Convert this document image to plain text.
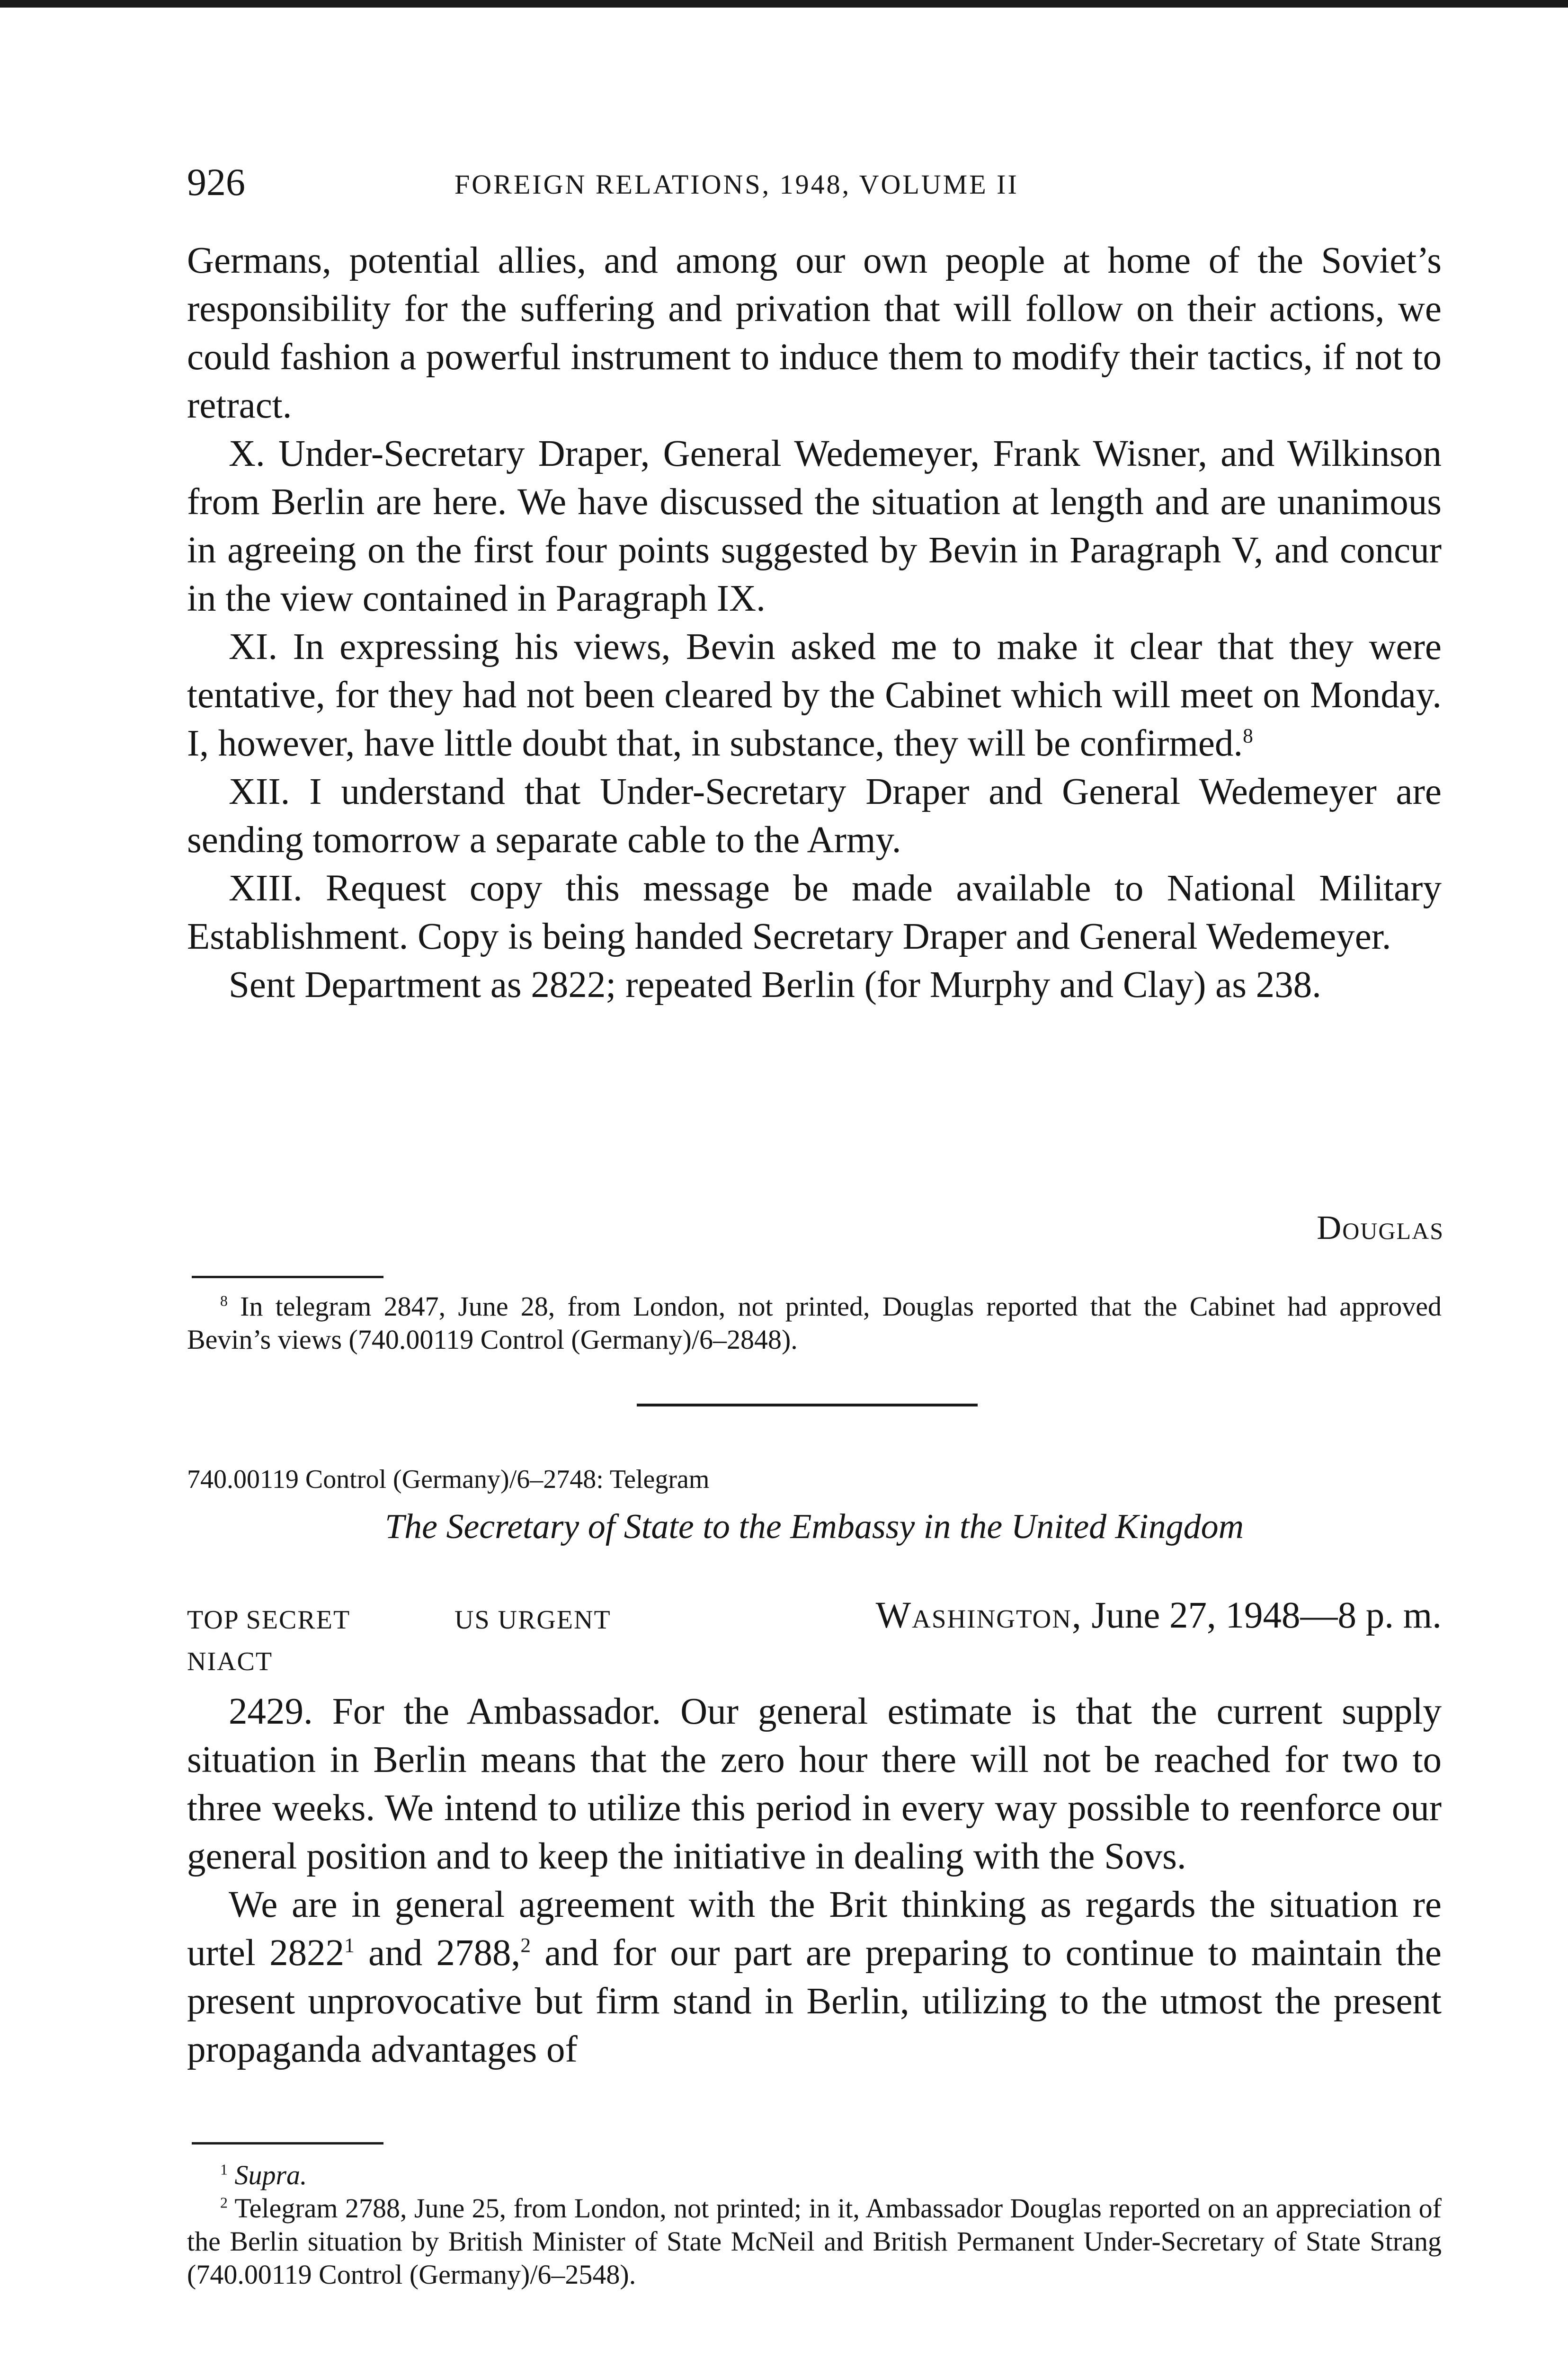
926	FOREIGN RELATIONS, 1948, VOLUME II

Germans, potential allies, and among our own people at home of the Soviet’s responsibility for the suffering and privation that will follow on their actions, we could fashion a powerful instrument to induce them to modify their tactics, if not to retract.

X. Under-Secretary Draper, General Wedemeyer, Frank Wisner, and Wilkinson from Berlin are here. We have discussed the situation at length and are unanimous in agreeing on the first four points suggested by Bevin in Paragraph V, and concur in the view contained in Paragraph IX.

XI. In expressing his views, Bevin asked me to make it clear that they were tentative, for they had not been cleared by the Cabinet which will meet on Monday. I, however, have little doubt that, in substance, they will be confirmed.$^8$

XII. I understand that Under-Secretary Draper and General Wedemeyer are sending tomorrow a separate cable to the Army.

XIII. Request copy this message be made available to National Military Establishment. Copy is being handed Secretary Draper and General Wedemeyer.

Sent Department as 2822; repeated Berlin (for Murphy and Clay) as 238.

Douglas

$^8$ In telegram 2847, June 28, from London, not printed, Douglas reported that the Cabinet had approved Bevin’s views (740.00119 Control (Germany)/6–2848).

740.00119 Control (Germany)/6–2748: Telegram
The Secretary of State to the Embassy in the United Kingdom
TOP SECRET	US URGENT	Washington, June 27, 1948—8 p. m.
NIACT

2429. For the Ambassador. Our general estimate is that the current supply situation in Berlin means that the zero hour there will not be reached for two to three weeks. We intend to utilize this period in every way possible to reenforce our general position and to keep the initiative in dealing with the Sovs.

We are in general agreement with the Brit thinking as regards the situation re urtel 2822$^1$ and 2788,$^2$ and for our part are preparing to continue to maintain the present unprovocative but firm stand in Berlin, utilizing to the utmost the present propaganda advantages of

$^1$ Supra.

$^2$ Telegram 2788, June 25, from London, not printed; in it, Ambassador Douglas reported on an appreciation of the Berlin situation by British Minister of State McNeil and British Permanent Under-Secretary of State Strang (740.00119 Control (Germany)/6–2548).
